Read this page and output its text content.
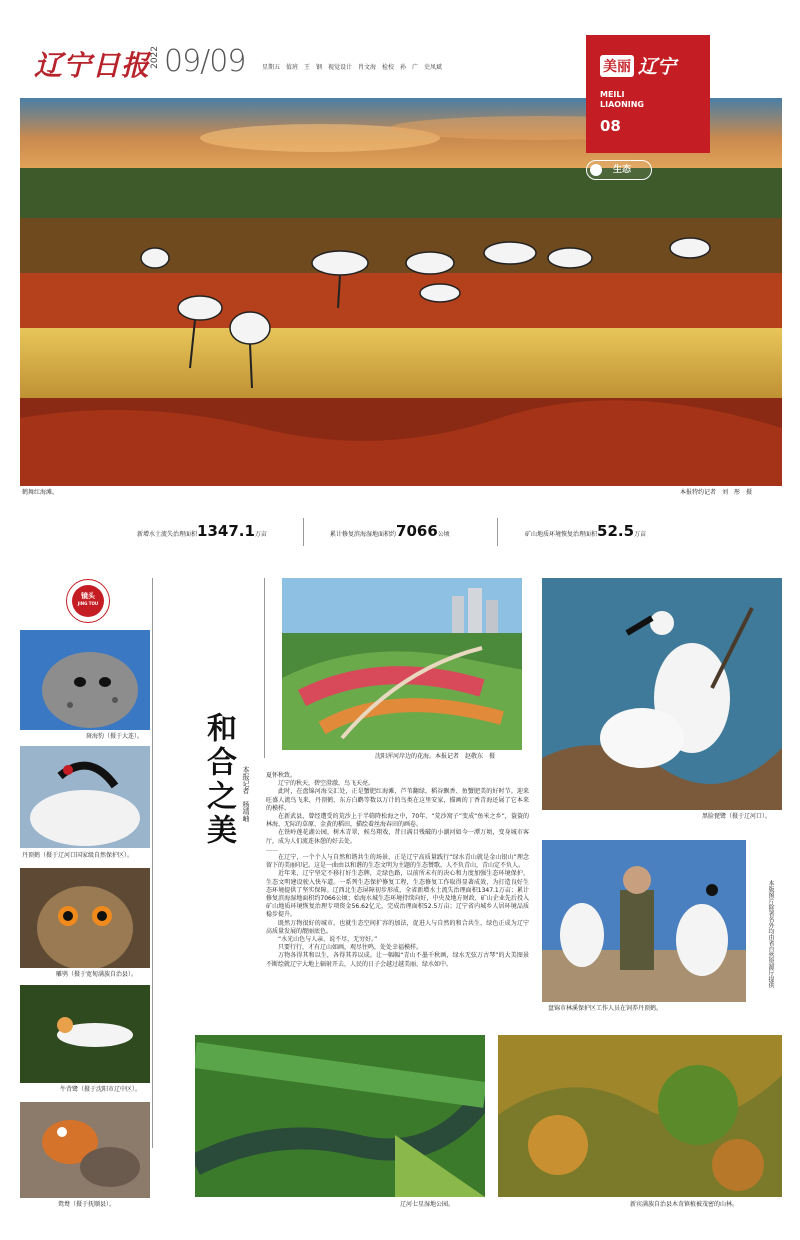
辽宁日报 2022 09/09	星期五　值班　王　钢　视觉设计　肖文海　检校　孙　广　史凤斌	美丽 辽宁
MEILI
LIAONING
08
生态
鹤舞红海滩。	本报特约记者　刘　彤　摄
新增水土流失治理面积1347.1万亩	累计修复滨海湿地面积约7066公顷	矿山地质环境恢复治理面积52.5万亩
镜头
JING TOU
斑海豹（摄于大连）。
丹顶鹤（摄于辽河口国家级自然保护区）。
雕鸮（摄于宽甸满族自治县）。
牛背鹭（摄于沈阳市辽中区）。
鸳鸯（摄于抚顺县）。
和合之美 本报记者　杨靖岫
沈阳浑河岸边的花海。本报记者　赵敬东　摄

夏怀秋致。

辽宁的秋天，碧空澄澈，鸟飞天亮。

此时，在盘锦河海交汇处，正是蟹肥红海滩，芦苇翻绿，稻谷飘香、鱼蟹肥美的好时节。迎来旺盛人流鸟飞来，丹顶鹤、东方白鹳等数以万计的鸟类在这里安家，描画的丁香青海还展了它本来的模样。

在新武县，曾经遭受的荒沙上于半筛降松海之中，70年、“荒沙窝子”变成“鱼米之乡”，蓑蓑的林海、无际的草原、金黄的稻田，描绘着丝海春田的画卷。

在铁岭莲花湖公园，树木青翠，候鸟翔戏，昔日满目残破的小湖河如今一潭万顷，变身城市客厅，成为人们流连休憩的好去处。

……

在辽宁，一个个人与自然和谐共生的场景，正是辽宁高质量践行“绿水青山就是金山银山”理念留下的美丽印记。这是一曲由以和谐的生态文明为主题的生态赞歌。人不负青山，青山定不负人。

近年来，辽宁坚定不移打好生态牌，走绿色路，以前所未有的决心和力度加强生态环境保护，生态文明建设驶入快车道。一系列生态保护修复工程，生态修复工作取得显著成效，为打造良好生态环境提供了坚实保障。辽西北生态屏障初步形成，全省新增水土流失治理面积1347.1万亩；累计修复滨海湿地面积约7066公顷；始海水城生态环境持续向好，中央及地方财政、矿山企业先后投入矿山地质环境恢复治理专项资金56.62亿元，完成治理面积52.5万亩；辽宁省内城乡人居环境品质稳步提升。

既然万物很好的城市，也就生态空间扩容的加法，促进人与自然的和合共生，绿色正成为辽宁高质量发展的靓丽底色。

“水光山色与人亲，说不尽，无穷好。”

只要行行，才有辽山如画，观尽往鸣，处处幸福模样。

万物各得其和以生，各得其养以成。让一幅幅“青山不墨千秋画，绿水无弦万古琴”的大美图景不断绘就辽宁大地上辐射开去，人民的日子会越过越美丽、绿水如中。

黑脸琵鹭（摄于辽河口）。
本版图片除署名外均由省自然资源厅提供
盘锦市林溪保护区工作人员在饲养丹顶鹤。
辽河七星湿地公园。	新宾满族自治县木奇镇植被茂密的山林。
